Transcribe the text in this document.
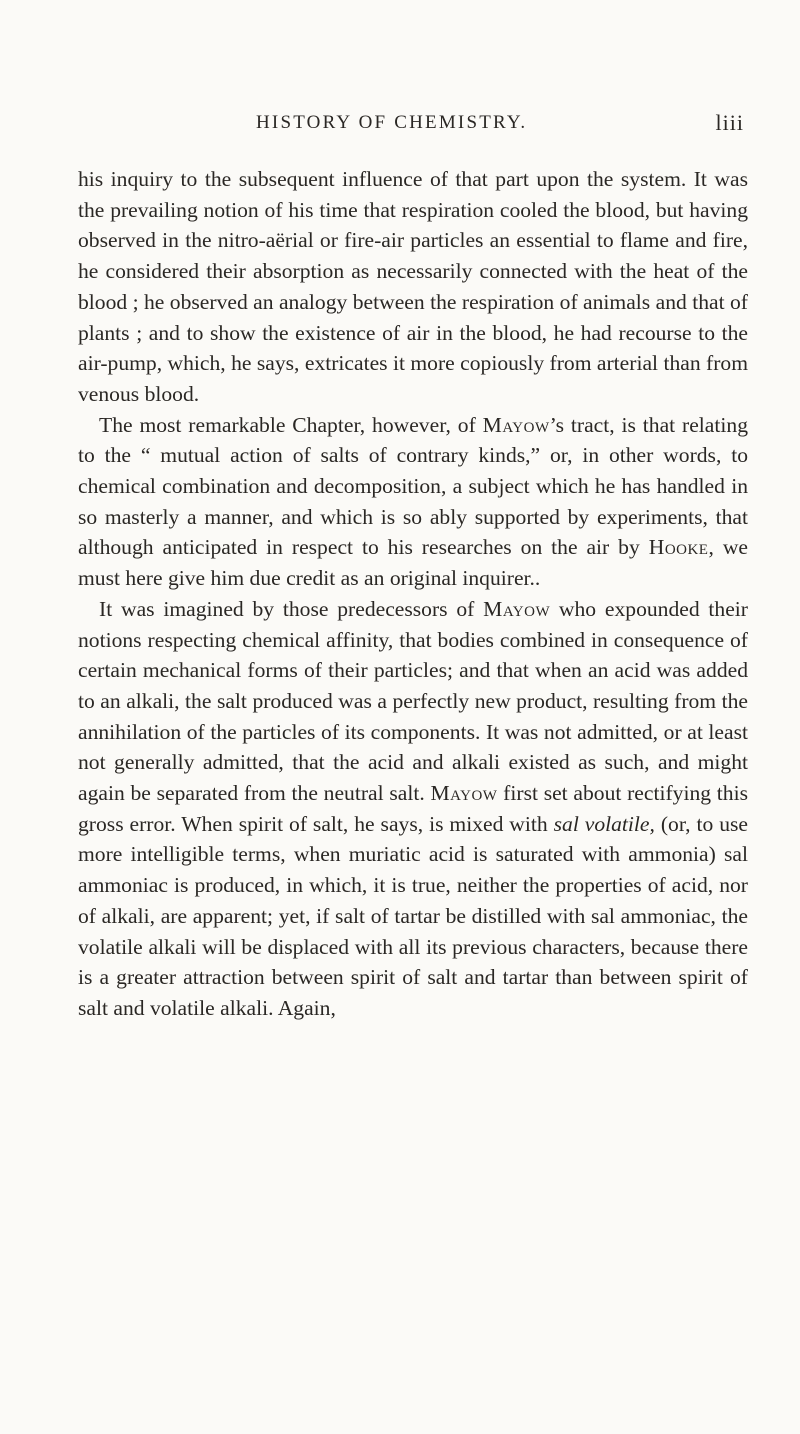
HISTORY OF CHEMISTRY.	liii

his inquiry to the subsequent influence of that part upon the system. It was the prevailing notion of his time that respiration cooled the blood, but having observed in the nitro-aërial or fire-air particles an essential to flame and fire, he considered their absorption as necessarily connected with the heat of the blood ; he observed an analogy between the respiration of animals and that of plants ; and to show the existence of air in the blood, he had recourse to the air-pump, which, he says, extricates it more copiously from arterial than from venous blood.

The most remarkable Chapter, however, of Mayow’s tract, is that relating to the “ mutual action of salts of contrary kinds,” or, in other words, to chemical combination and decomposition, a subject which he has handled in so masterly a manner, and which is so ably supported by experiments, that although anticipated in respect to his researches on the air by Hooke, we must here give him due credit as an original inquirer..

It was imagined by those predecessors of Mayow who expounded their notions respecting chemical affinity, that bodies combined in consequence of certain mechanical forms of their particles; and that when an acid was added to an alkali, the salt produced was a perfectly new product, resulting from the annihilation of the particles of its components. It was not admitted, or at least not generally admitted, that the acid and alkali existed as such, and might again be separated from the neutral salt. Mayow first set about rectifying this gross error. When spirit of salt, he says, is mixed with sal volatile, (or, to use more intelligible terms, when muriatic acid is saturated with ammonia) sal ammoniac is produced, in which, it is true, neither the properties of acid, nor of alkali, are apparent; yet, if salt of tartar be distilled with sal ammoniac, the volatile alkali will be displaced with all its previous characters, because there is a greater attraction between spirit of salt and tartar than between spirit of salt and volatile alkali. Again,
